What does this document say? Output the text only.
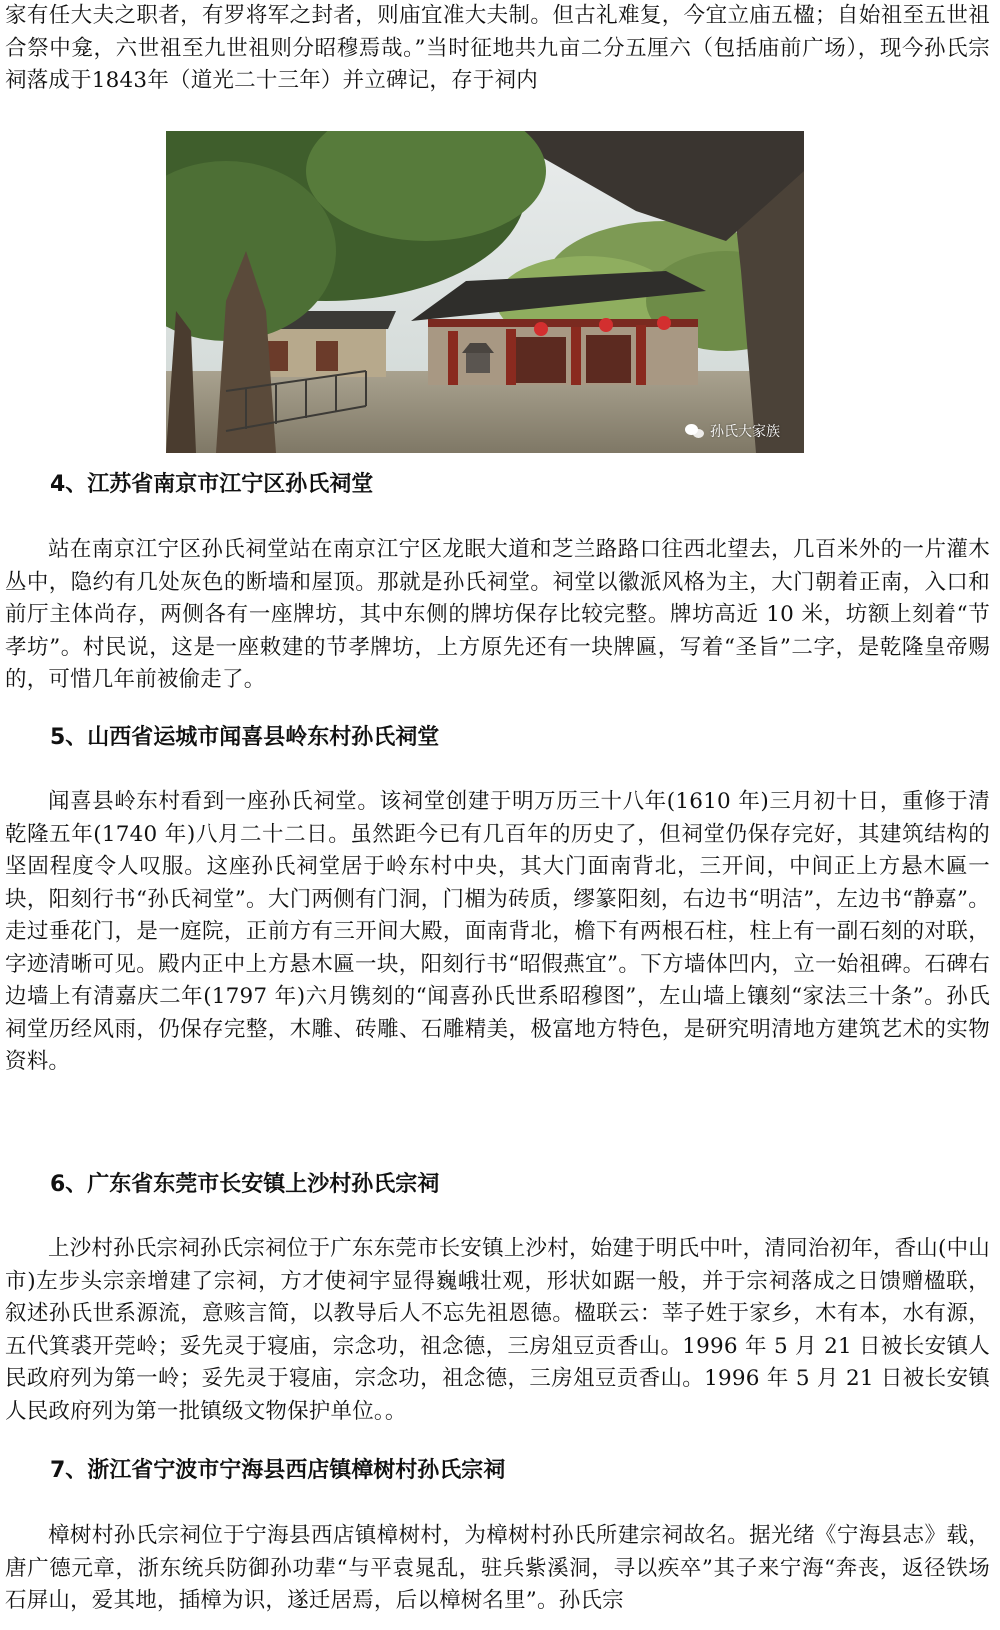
家有任大夫之职者，有罗将军之封者，则庙宜准大夫制。但古礼难复，今宜立庙五楹；自始祖至五世祖合祭中龛，六世祖至九世祖则分昭穆焉哉。”当时征地共九亩二分五厘六（包括庙前广场），现今孙氏宗祠落成于1843年（道光二十三年）并立碑记，存于祠内

孙氏大家族
4、江苏省南京市江宁区孙氏祠堂

站在南京江宁区孙氏祠堂站在南京江宁区龙眠大道和芝兰路路口往西北望去，几百米外的一片灌木丛中，隐约有几处灰色的断墙和屋顶。那就是孙氏祠堂。祠堂以徽派风格为主，大门朝着正南，入口和前厅主体尚存，两侧各有一座牌坊，其中东侧的牌坊保存比较完整。牌坊高近 10 米，坊额上刻着“节孝坊”。村民说，这是一座敕建的节孝牌坊，上方原先还有一块牌匾，写着“圣旨”二字，是乾隆皇帝赐的，可惜几年前被偷走了。

5、山西省运城市闻喜县岭东村孙氏祠堂

闻喜县岭东村看到一座孙氏祠堂。该祠堂创建于明万历三十八年(1610 年)三月初十日，重修于清乾隆五年(1740 年)八月二十二日。虽然距今已有几百年的历史了，但祠堂仍保存完好，其建筑结构的坚固程度令人叹服。这座孙氏祠堂居于岭东村中央，其大门面南背北，三开间，中间正上方悬木匾一块，阳刻行书“孙氏祠堂”。大门两侧有门洞，门楣为砖质，缪篆阳刻，右边书“明洁”，左边书“静嘉”。走过垂花门，是一庭院，正前方有三开间大殿，面南背北，檐下有两根石柱，柱上有一副石刻的对联，字迹清晰可见。殿内正中上方悬木匾一块，阳刻行书“昭假燕宜”。下方墙体凹内，立一始祖碑。石碑右边墙上有清嘉庆二年(1797 年)六月镌刻的“闻喜孙氏世系昭穆图”，左山墙上镶刻“家法三十条”。孙氏祠堂历经风雨，仍保存完整，木雕、砖雕、石雕精美，极富地方特色，是研究明清地方建筑艺术的实物资料。

6、广东省东莞市长安镇上沙村孙氏宗祠

上沙村孙氏宗祠孙氏宗祠位于广东东莞市长安镇上沙村，始建于明氏中叶，清同治初年，香山(中山市)左步头宗亲增建了宗祠，方才使祠宇显得巍峨壮观，形状如踞一般，并于宗祠落成之日馈赠楹联，叙述孙氏世系源流，意赅言简，以教导后人不忘先祖恩德。楹联云：莘子姓于家乡，木有本，水有源，五代箕裘开莞岭；妥先灵于寝庙，宗念功，祖念德，三房俎豆贡香山。1996 年 5 月 21 日被长安镇人民政府列为第一岭；妥先灵于寝庙，宗念功，祖念德，三房俎豆贡香山。1996 年 5 月 21 日被长安镇人民政府列为第一批镇级文物保护单位。。

7、浙江省宁波市宁海县西店镇樟树村孙氏宗祠

樟树村孙氏宗祠位于宁海县西店镇樟树村，为樟树村孙氏所建宗祠故名。据光绪《宁海县志》载，唐广德元章，浙东统兵防御孙功辈“与平袁晁乱，驻兵紫溪洞，寻以疾卒”其子来宁海“奔丧，返径铁场石屏山，爱其地，插樟为识，遂迁居焉，后以樟树名里”。孙氏宗
